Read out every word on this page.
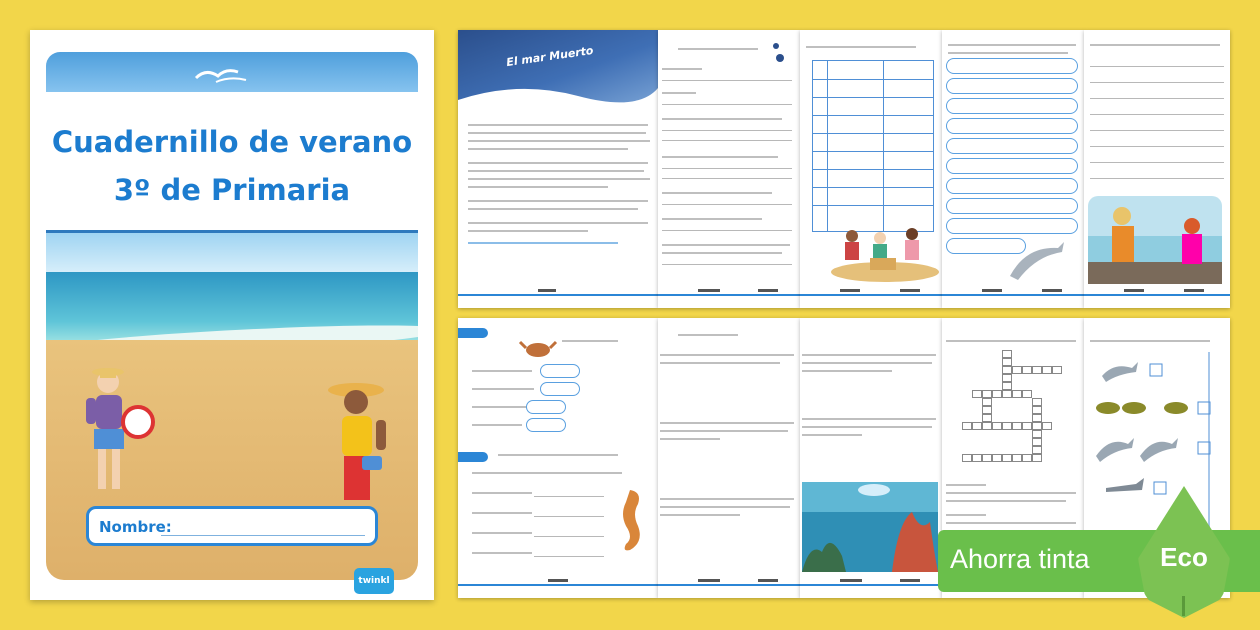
Cuadernillo de verano
3º de Primaria
Nombre:
twinkl
El mar Muerto
Ahorra tinta	Eco
